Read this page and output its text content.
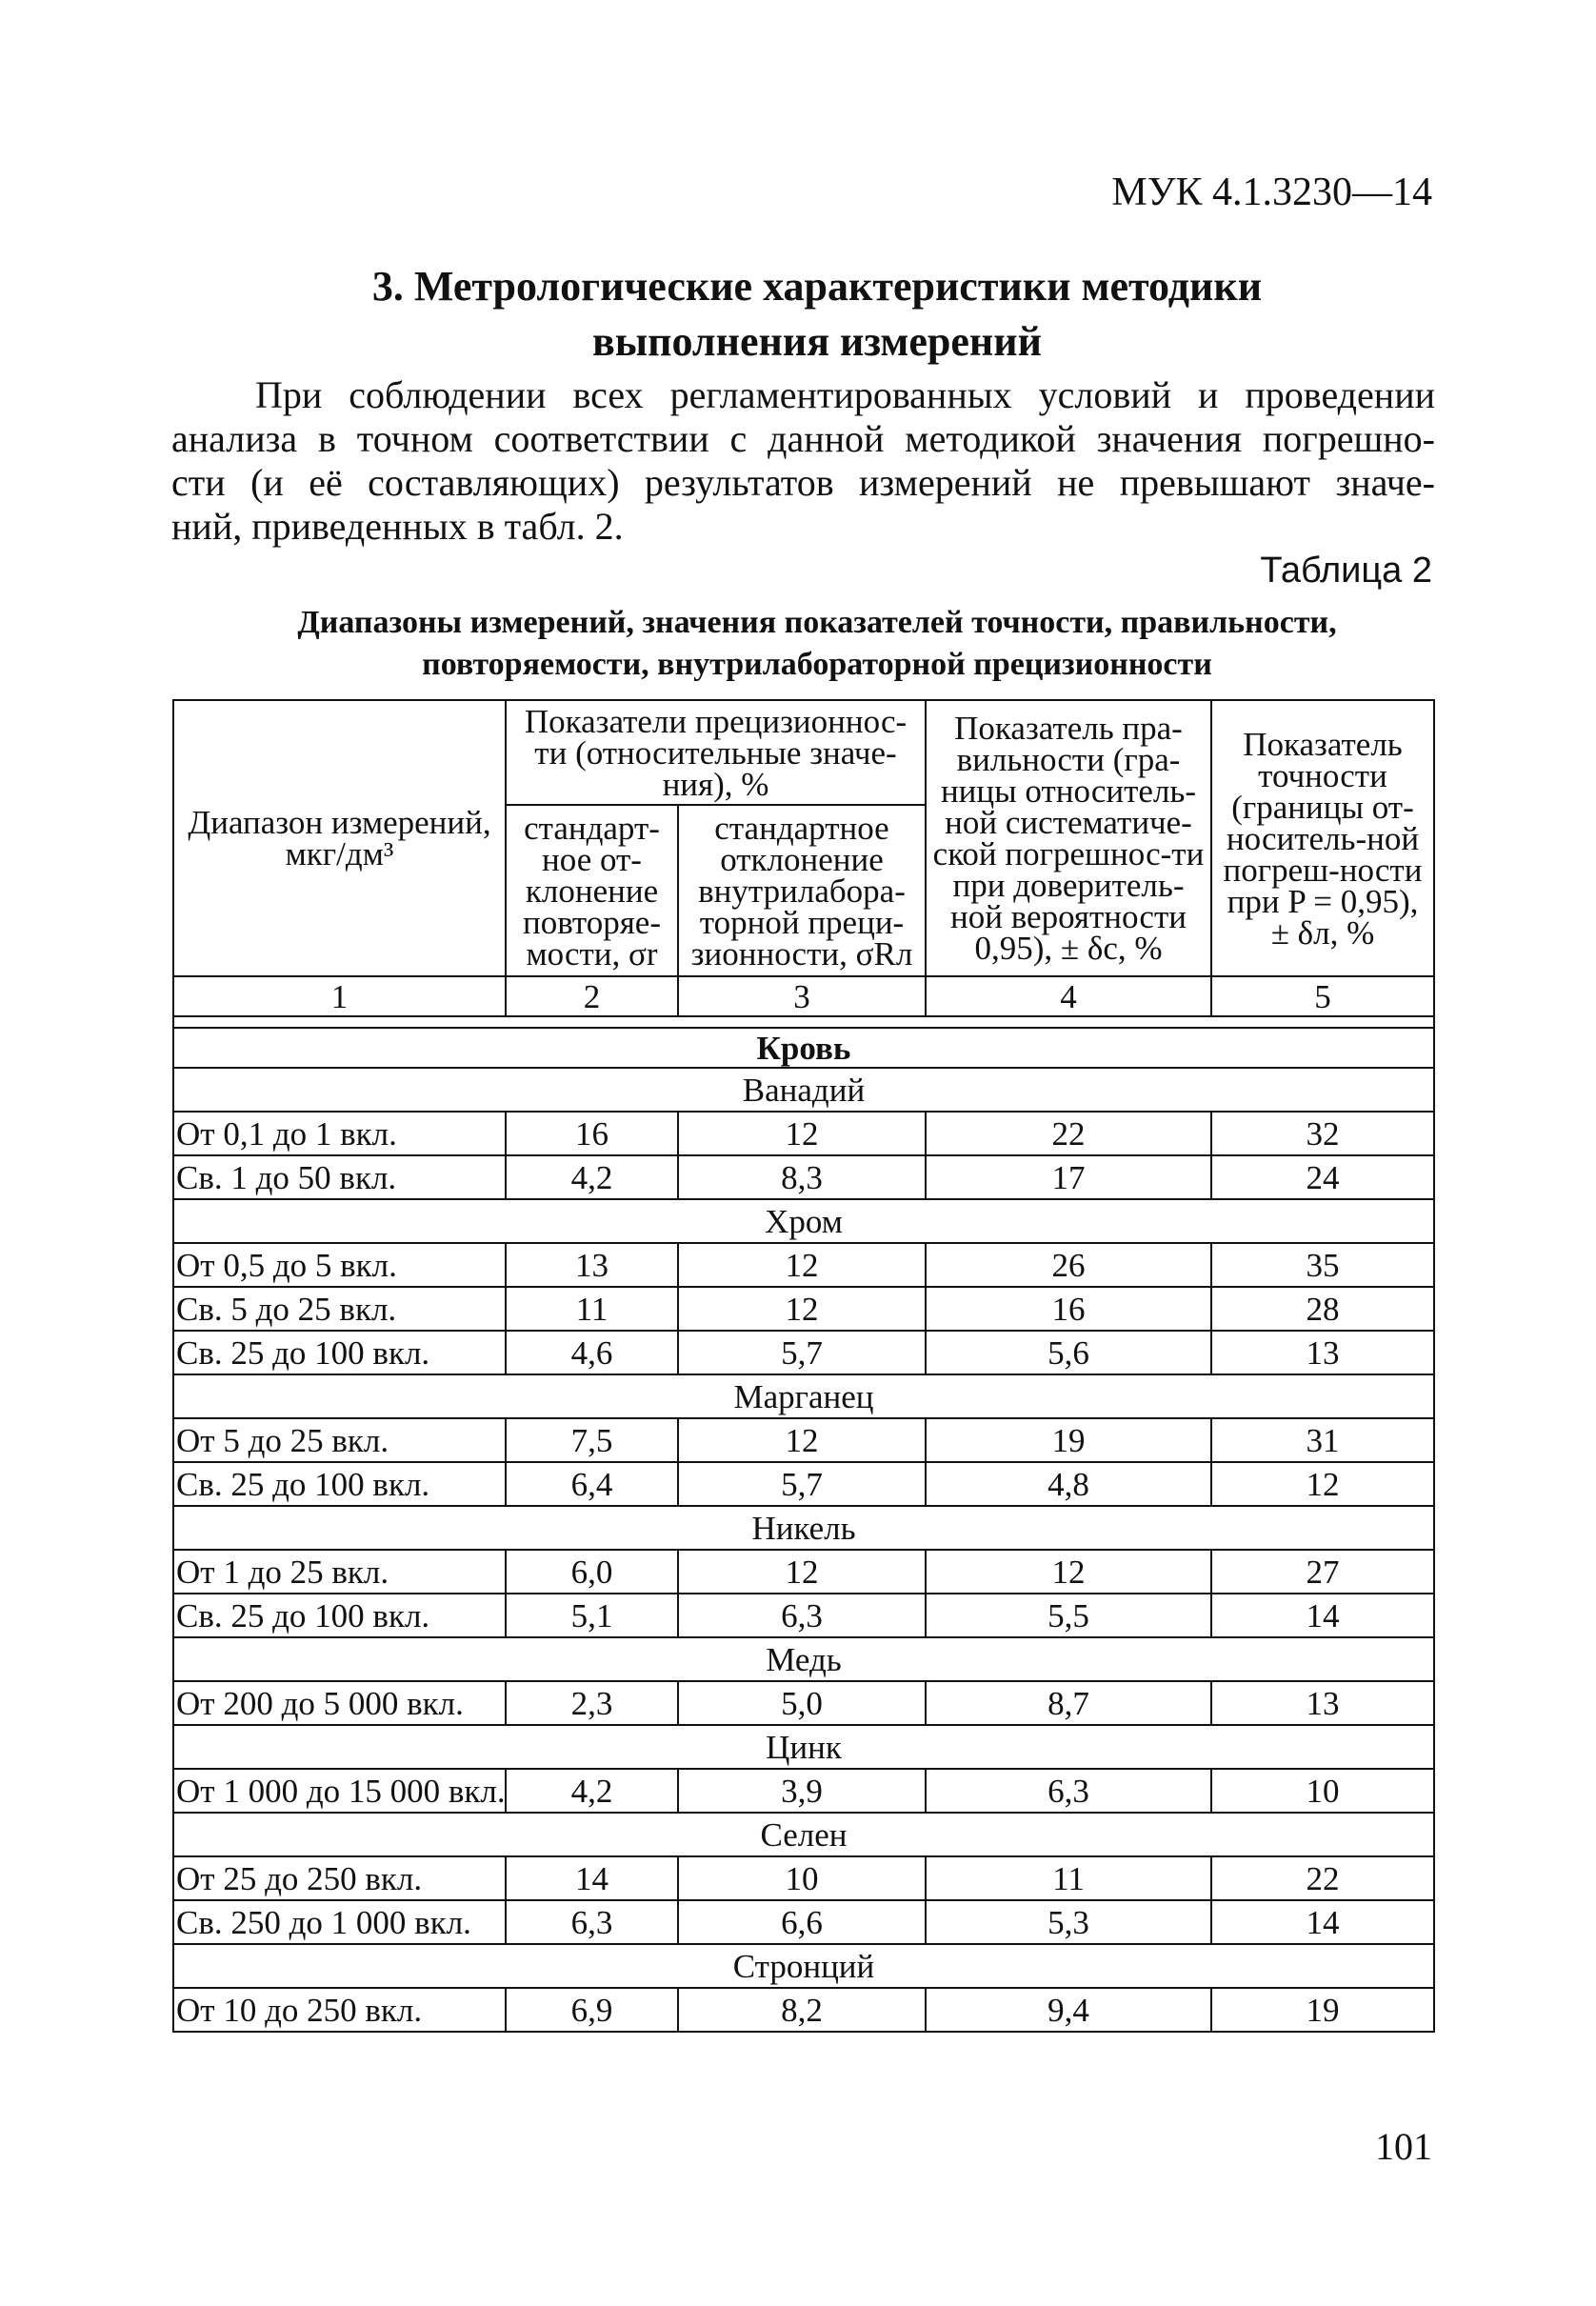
МУК 4.1.3230—14
3. Метрологические характеристики методики
выполнения измерений
При соблюдении всех регламентированных условий и проведении
анализа в точном соответствии с данной методикой значения погрешно-
сти (и её составляющих) результатов измерений не превышают значе-
ний, приведенных в табл. 2.
Таблица 2
Диапазоны измерений, значения показателей точности, правильности,
повторяемости, внутрилабораторной прецизионности
Диапазон измерений, мкг/дм³	Показатели прецизионнос-ти (относительные значе-ния), %		Показатель пра-вильности (гра-ницы относитель-ной систематиче-ской погрешнос-ти при доверитель-ной вероятности 0,95), ± δc, %	Показатель точности (границы от-носитель-ной погреш-ности при P = 0,95), ± δл, %
	стандарт-ное от-клонение повторяе-мости, σr	стандартное отклонение внутрилабора-торной преци-зионности, σRл		
1	2	3	4	5

Кровь				
Ванадий				
От 0,1 до 1 вкл.	16	12	22	32
Св. 1 до 50 вкл.	4,2	8,3	17	24
Хром				
От 0,5 до 5 вкл.	13	12	26	35
Св. 5 до 25 вкл.	11	12	16	28
Св. 25 до 100 вкл.	4,6	5,7	5,6	13
Марганец				
От 5 до 25 вкл.	7,5	12	19	31
Св. 25 до 100 вкл.	6,4	5,7	4,8	12
Никель				
От 1 до 25 вкл.	6,0	12	12	27
Св. 25 до 100 вкл.	5,1	6,3	5,5	14
Медь				
От 200 до 5 000 вкл.	2,3	5,0	8,7	13
Цинк				
От 1 000 до 15 000 вкл.	4,2	3,9	6,3	10
Селен				
От 25 до 250 вкл.	14	10	11	22
Св. 250 до 1 000 вкл.	6,3	6,6	5,3	14
Стронций				
От 10 до 250 вкл.	6,9	8,2	9,4	19
101
